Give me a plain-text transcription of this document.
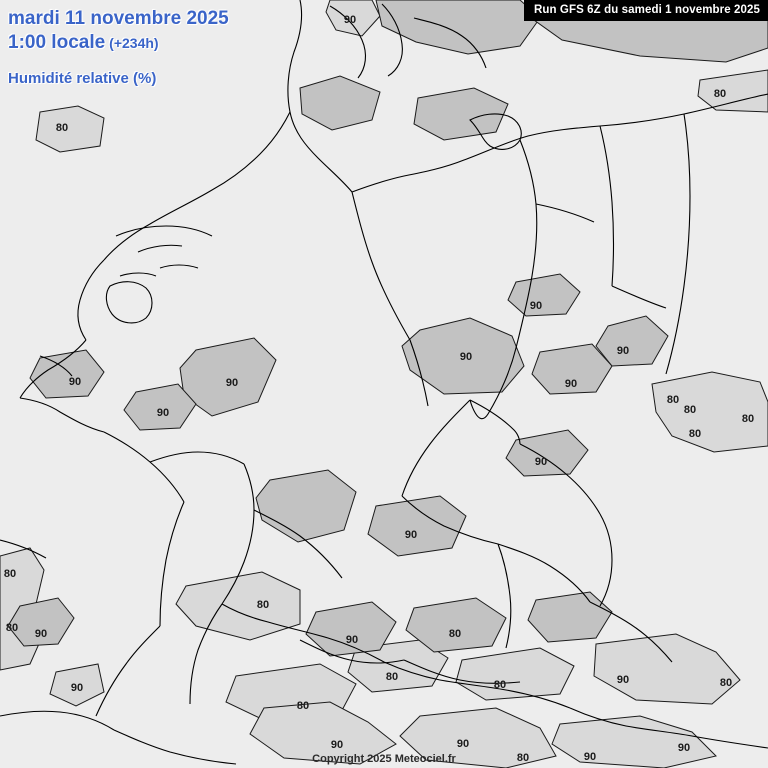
80
80
90
90
90	90
90
90
90
90
80
80
80
80
90
90
80
80 90
80
90	80
90
80
80
80	90	80
90	90
80	90
90
mardi 11 novembre 2025
1:00 locale (+234h)
Humidité relative (%)
Run GFS 6Z du samedi 1 novembre 2025
Copyright 2025 Meteociel.fr
